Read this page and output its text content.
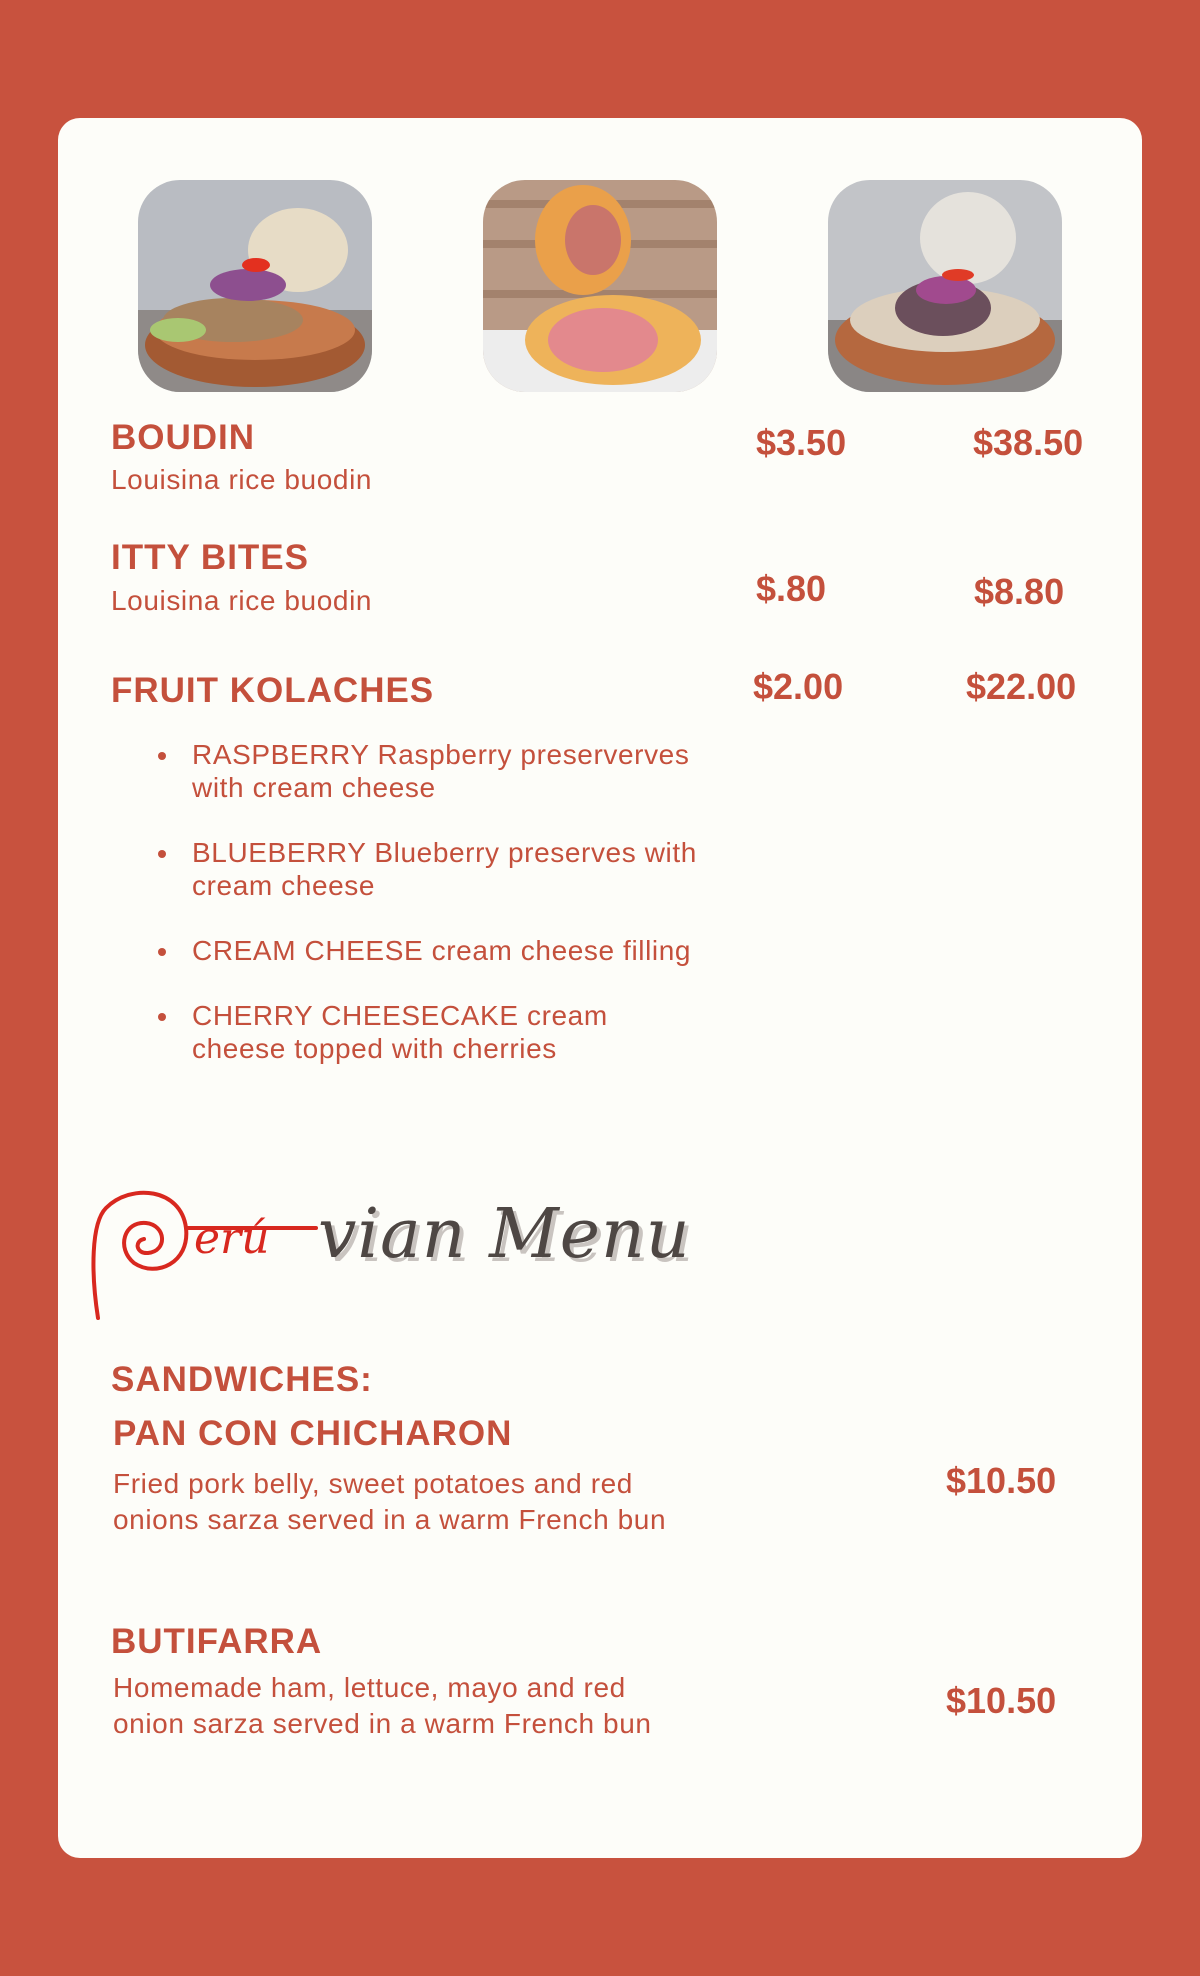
BOUDIN
Louisina rice buodin
$3.50	$38.50
ITTY BITES
Louisina rice buodin	$.80	$8.80
FRUIT KOLACHES	$2.00	$22.00
RASPBERRY Raspberry preserverves with cream cheese
BLUEBERRY Blueberry preserves with cream cheese
CREAM CHEESE cream cheese filling
CHERRY CHEESECAKE cream cheese topped with cherries
erú vian Menu
SANDWICHES:
PAN CON CHICHARON
Fried pork belly, sweet potatoes and red onions sarza served in a warm French bun
$10.50
BUTIFARRA
Homemade ham, lettuce, mayo and red onion sarza served in a warm French bun
$10.50
